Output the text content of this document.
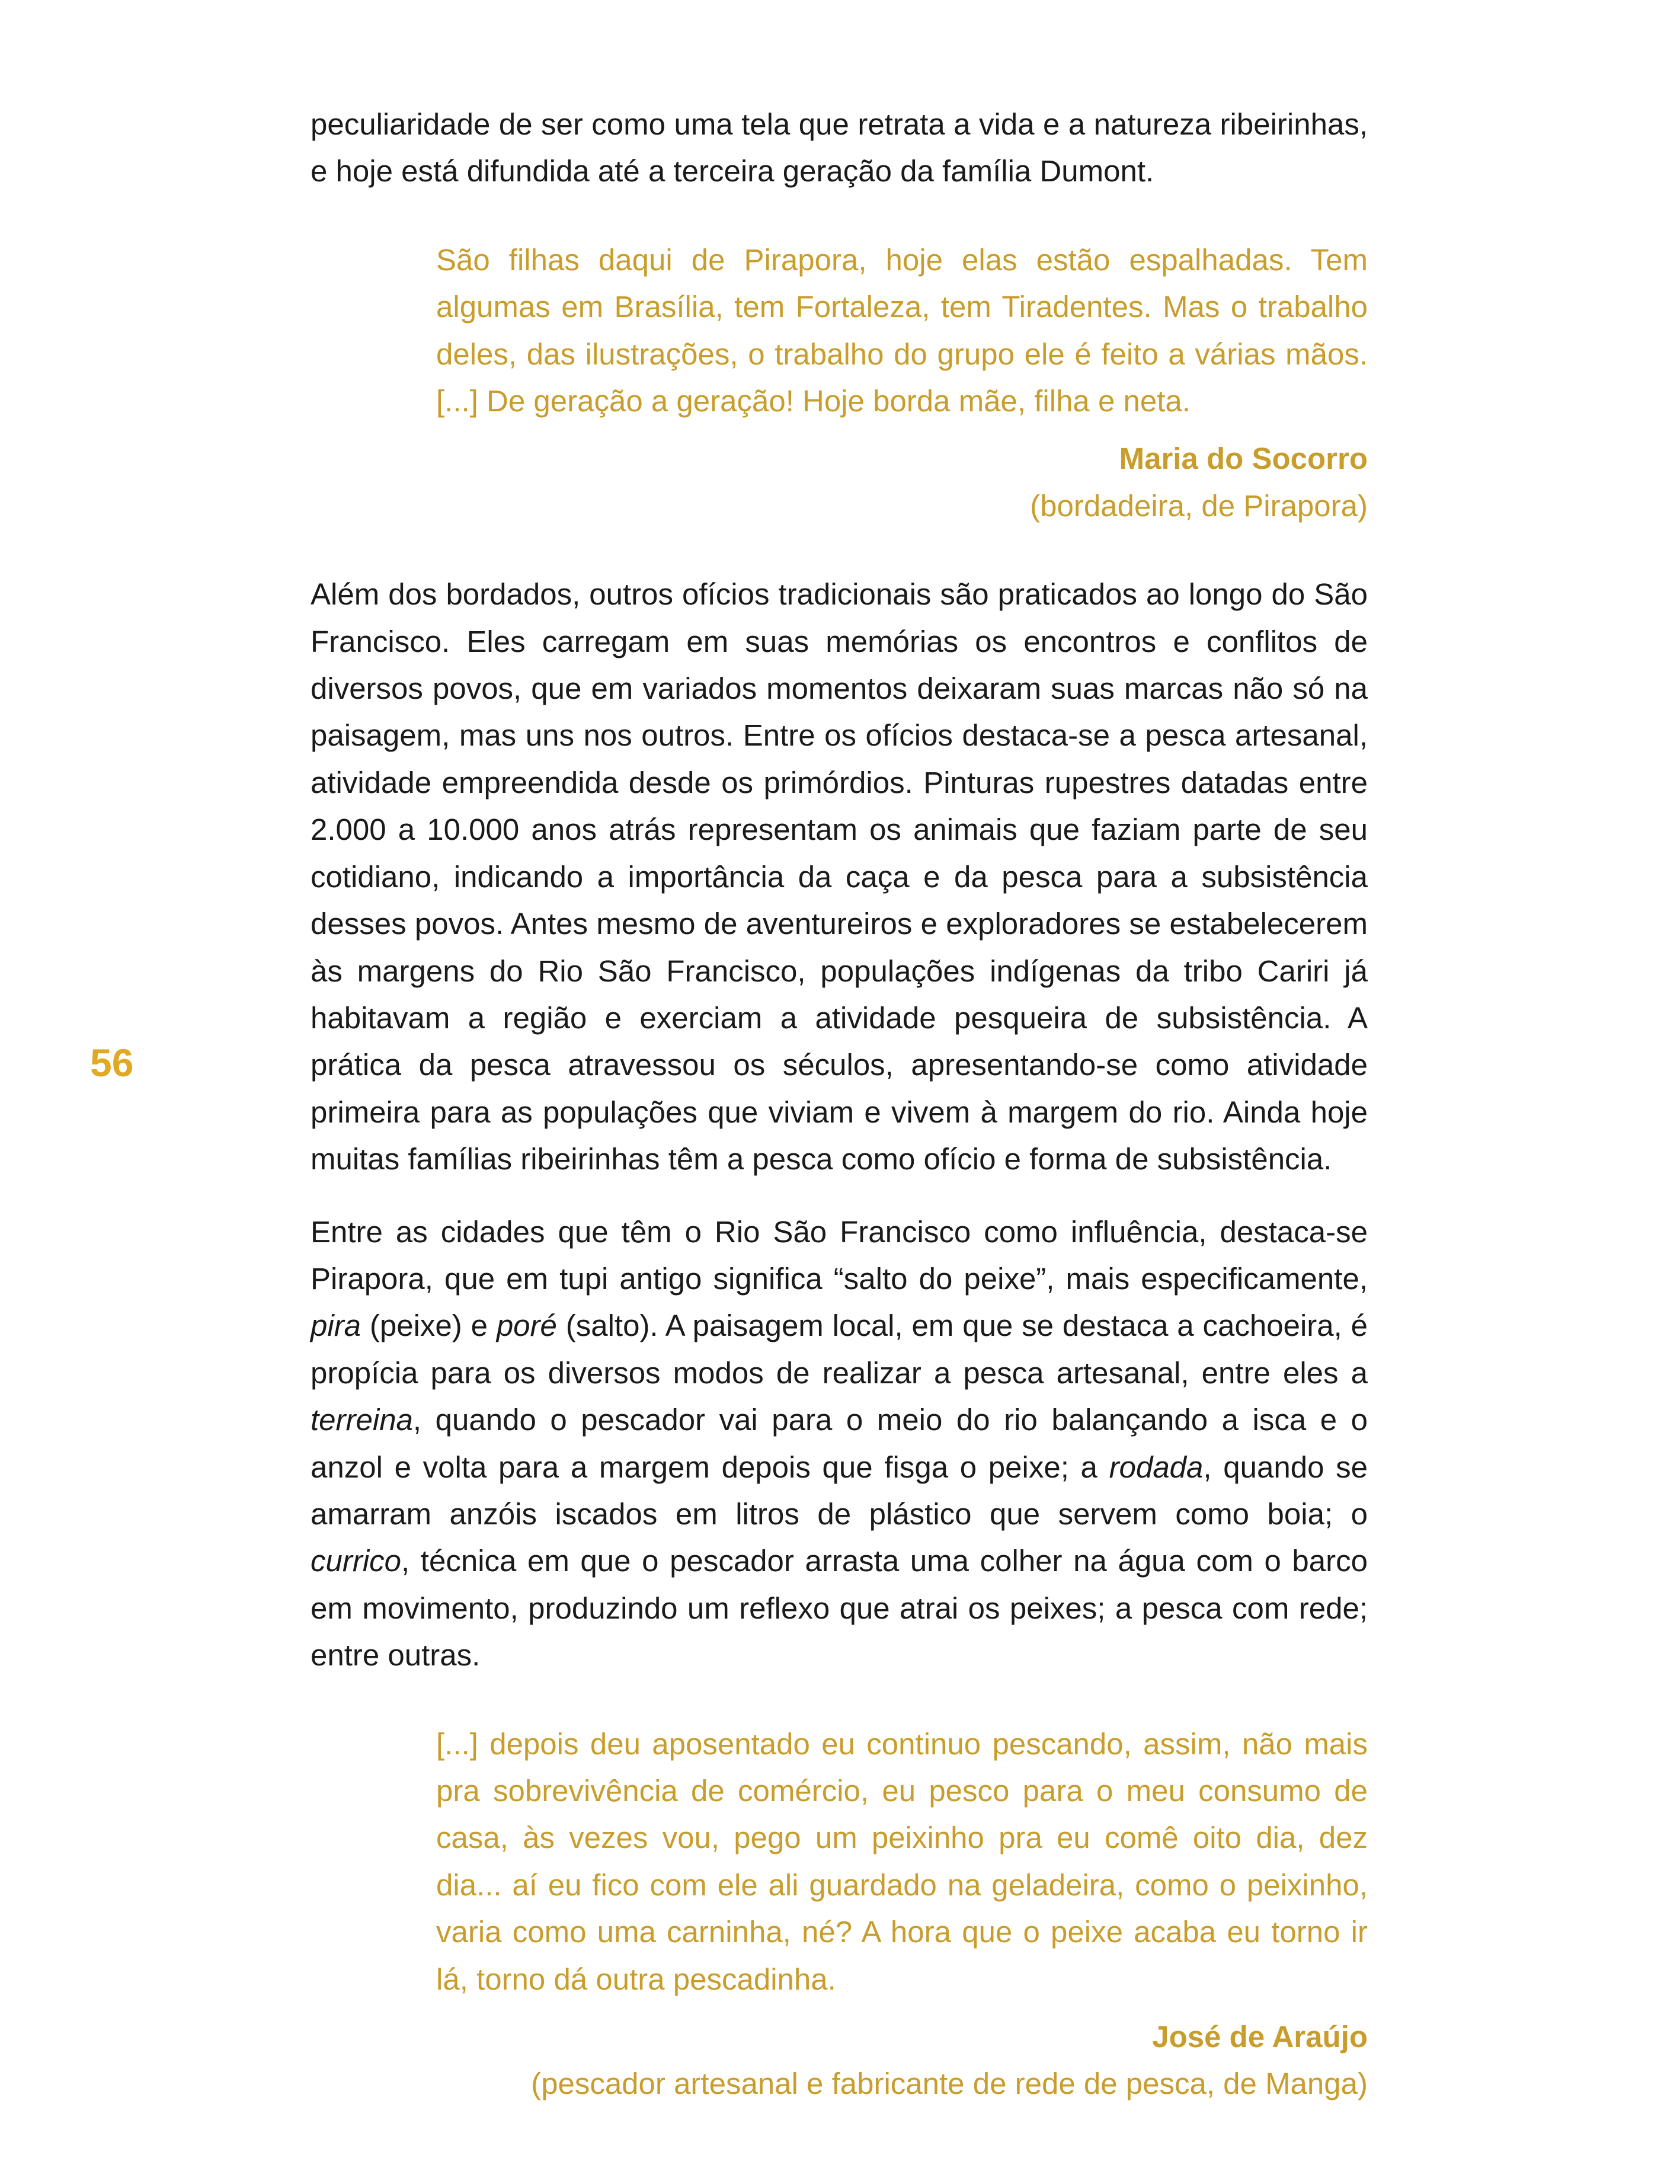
56

peculiaridade de ser como uma tela que retrata a vida e a natureza ribeirinhas, e hoje está difundida até a terceira geração da família Dumont.

São filhas daqui de Pirapora, hoje elas estão espalhadas. Tem algumas em Brasília, tem Fortaleza, tem Tiradentes. Mas o trabalho deles, das ilustrações, o trabalho do grupo ele é feito a várias mãos. [...] De geração a geração! Hoje borda mãe, filha e neta.

Maria do Socorro
(bordadeira, de Pirapora)

Além dos bordados, outros ofícios tradicionais são praticados ao longo do São Francisco. Eles carregam em suas memórias os encontros e conflitos de diversos povos, que em variados momentos deixaram suas marcas não só na paisagem, mas uns nos outros. Entre os ofícios destaca-se a pesca artesanal, atividade empreendida desde os primórdios. Pinturas rupestres datadas entre 2.000 a 10.000 anos atrás representam os animais que faziam parte de seu cotidiano, indicando a importância da caça e da pesca para a subsistência desses povos. Antes mesmo de aventureiros e exploradores se estabelecerem às margens do Rio São Francisco, populações indígenas da tribo Cariri já habitavam a região e exerciam a atividade pesqueira de subsistência. A prática da pesca atravessou os séculos, apresentando-se como atividade primeira para as populações que viviam e vivem à margem do rio. Ainda hoje muitas famílias ribeirinhas têm a pesca como ofício e forma de subsistência.

Entre as cidades que têm o Rio São Francisco como influência, destaca-se Pirapora, que em tupi antigo significa “salto do peixe”, mais especificamente, pira (peixe) e poré (salto). A paisagem local, em que se destaca a cachoeira, é propícia para os diversos modos de realizar a pesca artesanal, entre eles a terreina, quando o pescador vai para o meio do rio balançando a isca e o anzol e volta para a margem depois que fisga o peixe; a rodada, quando se amarram anzóis iscados em litros de plástico que servem como boia; o currico, técnica em que o pescador arrasta uma colher na água com o barco em movimento, produzindo um reflexo que atrai os peixes; a pesca com rede; entre outras.

[...] depois deu aposentado eu continuo pescando, assim, não mais pra sobrevivência de comércio, eu pesco para o meu consumo de casa, às vezes vou, pego um peixinho pra eu comê oito dia, dez dia... aí eu fico com ele ali guardado na geladeira, como o peixinho, varia como uma carninha, né? A hora que o peixe acaba eu torno ir lá, torno dá outra pescadinha.

José de Araújo
(pescador artesanal e fabricante de rede de pesca, de Manga)
